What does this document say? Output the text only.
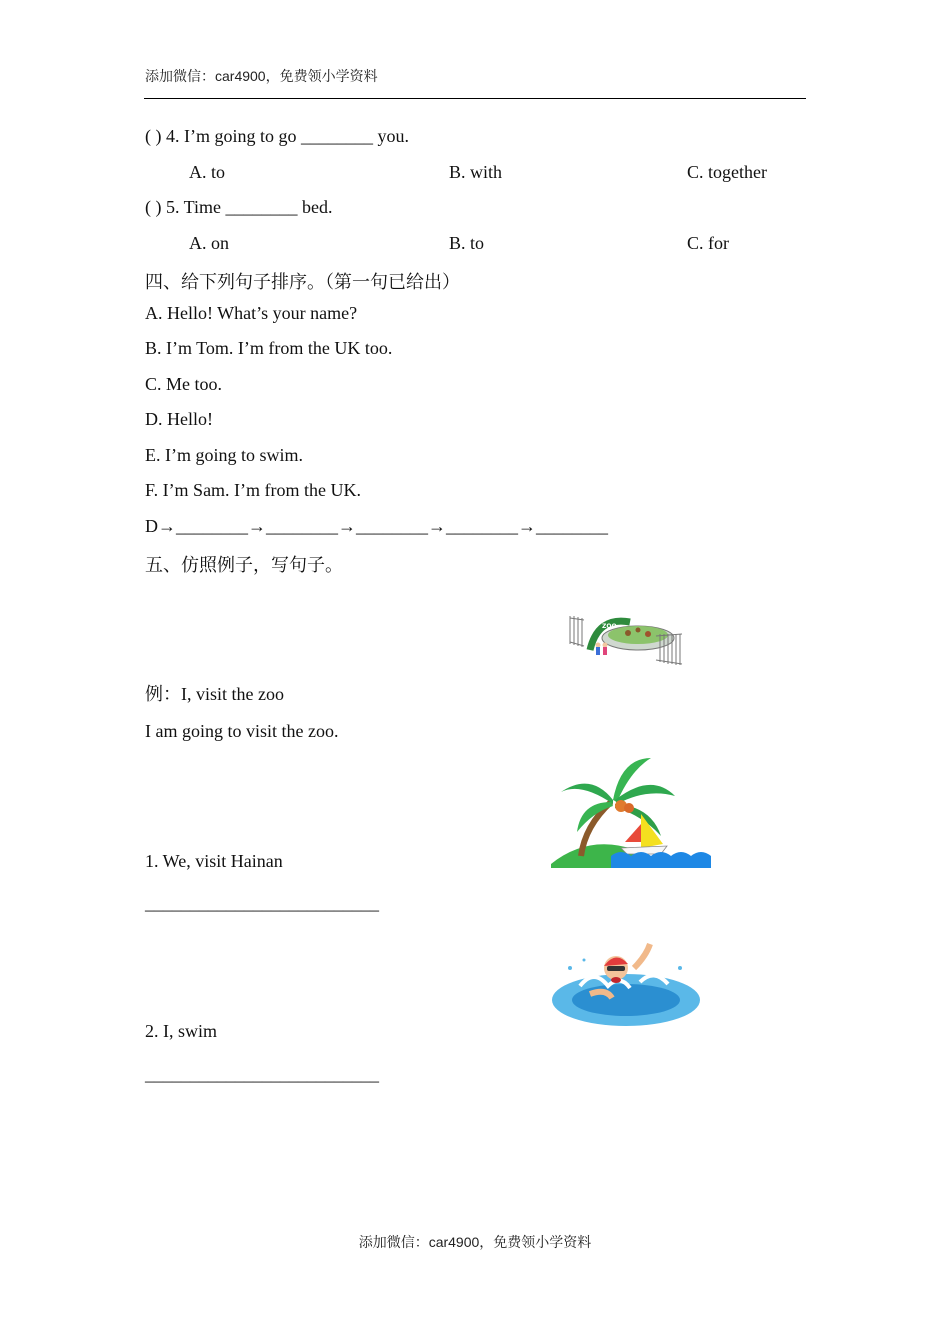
添加微信：car4900，免费领小学资料
( ) 4. I’m going to go ________ you.
A. to	B. with	C. together
( ) 5. Time ________ bed.
A. on	B. to	C. for
四、给下列句子排序。（第一句已给出）
A. Hello! What’s your name?
B. I’m Tom. I’m from the UK too.
C. Me too.
D. Hello!
E. I’m going to swim.
F. I’m Sam. I’m from the UK.
D→________→________→________→________→________
五、仿照例子，写句子。
ZOO
例：I, visit the zoo
I am going to visit the zoo.
1. We, visit Hainan
__________________________
2. I, swim
__________________________
添加微信：car4900，免费领小学资料
